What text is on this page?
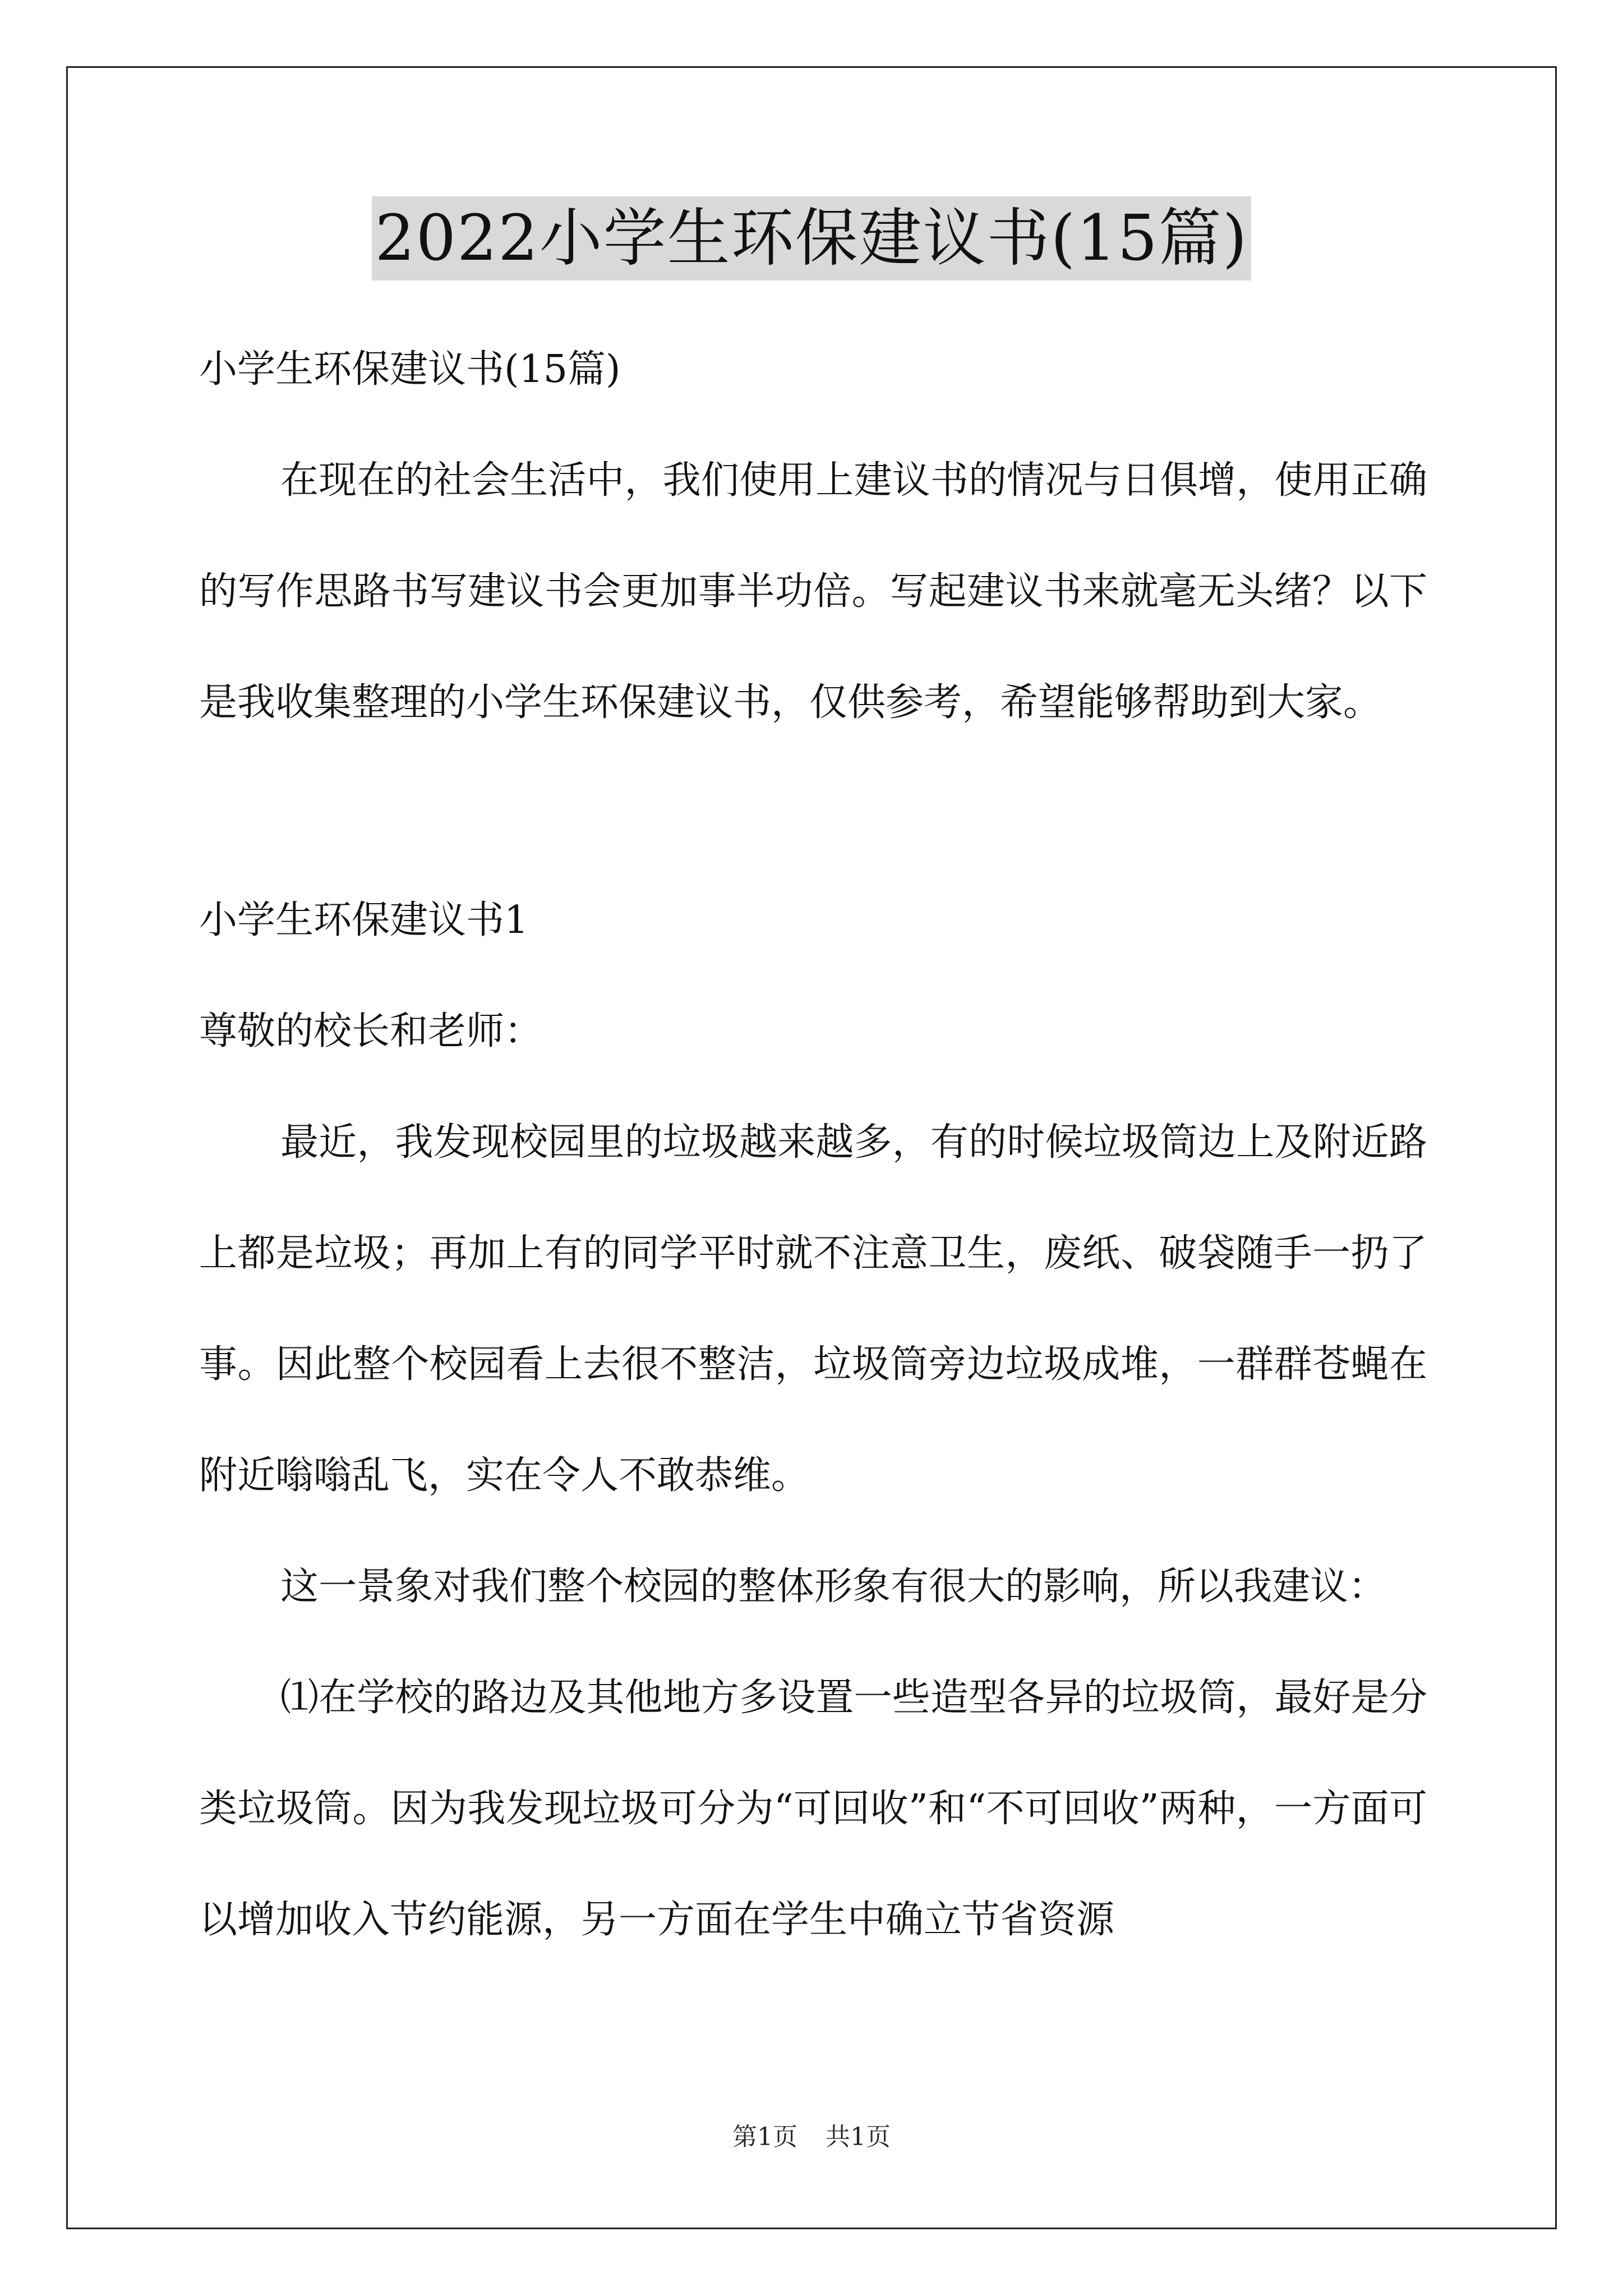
2022小学生环保建议书(15篇)

小学生环保建议书(15篇)

在现在的社会生活中，我们使用上建议书的情况与日俱增，使用正确的写作思路书写建议书会更加事半功倍。写起建议书来就毫无头绪？以下是我收集整理的小学生环保建议书，仅供参考，希望能够帮助到大家。

小学生环保建议书1

尊敬的校长和老师：

最近，我发现校园里的垃圾越来越多，有的时候垃圾筒边上及附近路上都是垃圾；再加上有的同学平时就不注意卫生，废纸、破袋随手一扔了事。因此整个校园看上去很不整洁，垃圾筒旁边垃圾成堆，一群群苍蝇在附近嗡嗡乱飞，实在令人不敢恭维。

这一景象对我们整个校园的整体形象有很大的影响，所以我建议：

⑴在学校的路边及其他地方多设置一些造型各异的垃圾筒，最好是分类垃圾筒。因为我发现垃圾可分为“可回收”和“不可回收”两种，一方面可以增加收入节约能源，另一方面在学生中确立节省资源

第1页 共1页
